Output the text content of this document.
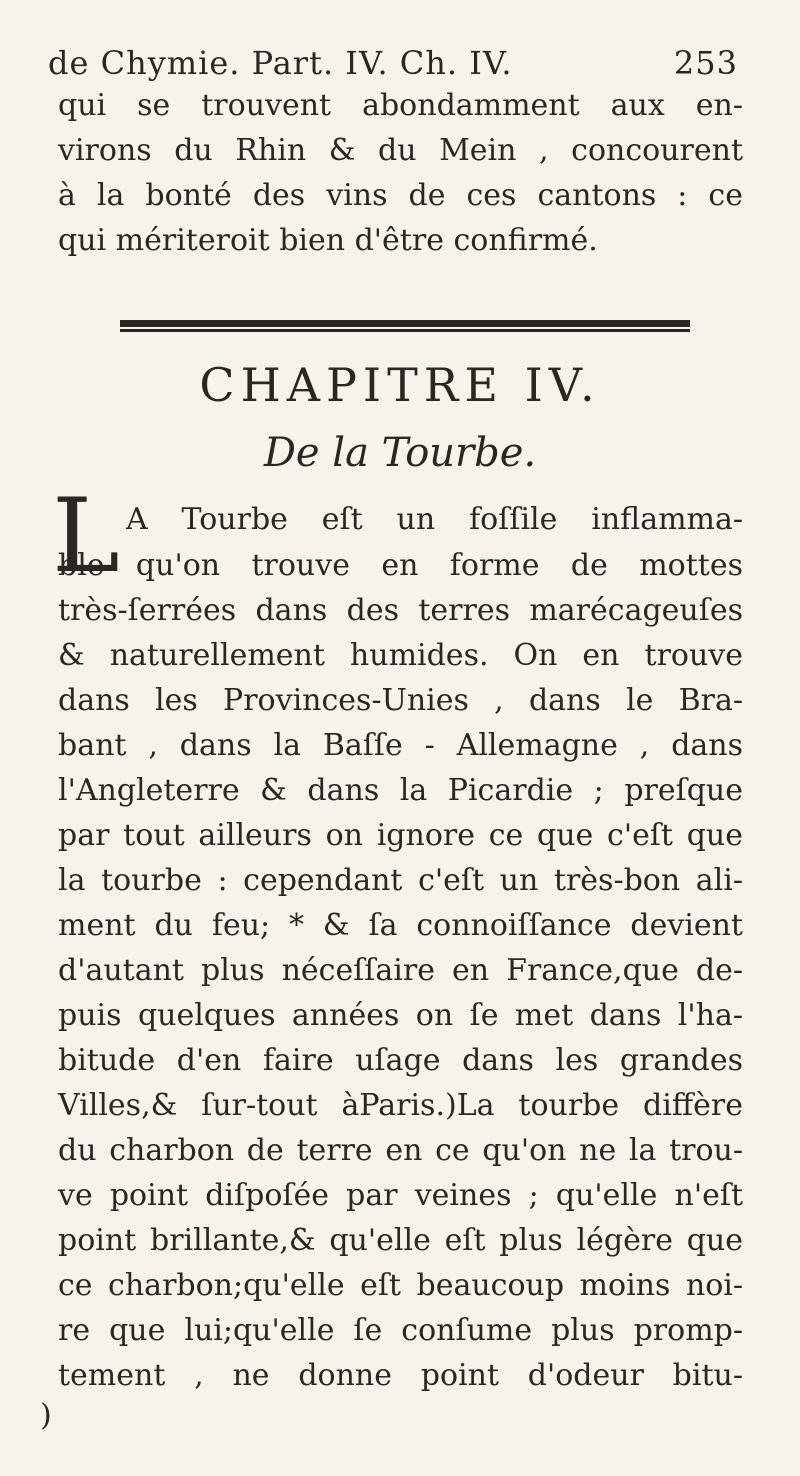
de Chymie. Part. IV. Ch. IV.	253
qui se trouvent abondamment aux en-
virons du Rhin & du Mein , concourent
à la bonté des vins de ces cantons : ce
qui mériteroit bien d'être confirmé.
CHAPITRE IV.
De la Tourbe.
L A Tourbe eſt un foſſile inflamma-
ble qu'on trouve en forme de mottes
très-ſerrées dans des terres marécageuſes
& naturellement humides. On en trouve
dans les Provinces-Unies , dans le Bra-
bant , dans la Baſſe - Allemagne , dans
l'Angleterre & dans la Picardie ; preſque
par tout ailleurs on ignore ce que c'eſt que
la tourbe : cependant c'eſt un très-bon ali-
ment du feu; * & ſa connoiſſance devient
d'autant plus néceſſaire en France,que de-
puis quelques années on ſe met dans l'ha-
bitude d'en faire uſage dans les grandes
Villes,& ſur-tout àParis.)La tourbe diffère
du charbon de terre en ce qu'on ne la trou-
ve point diſpoſée par veines ; qu'elle n'eſt
point brillante,& qu'elle eſt plus légère que
ce charbon;qu'elle eſt beaucoup moins noi-
re que lui;qu'elle ſe conſume plus promp-
tement , ne donne point d'odeur bitu-
)
